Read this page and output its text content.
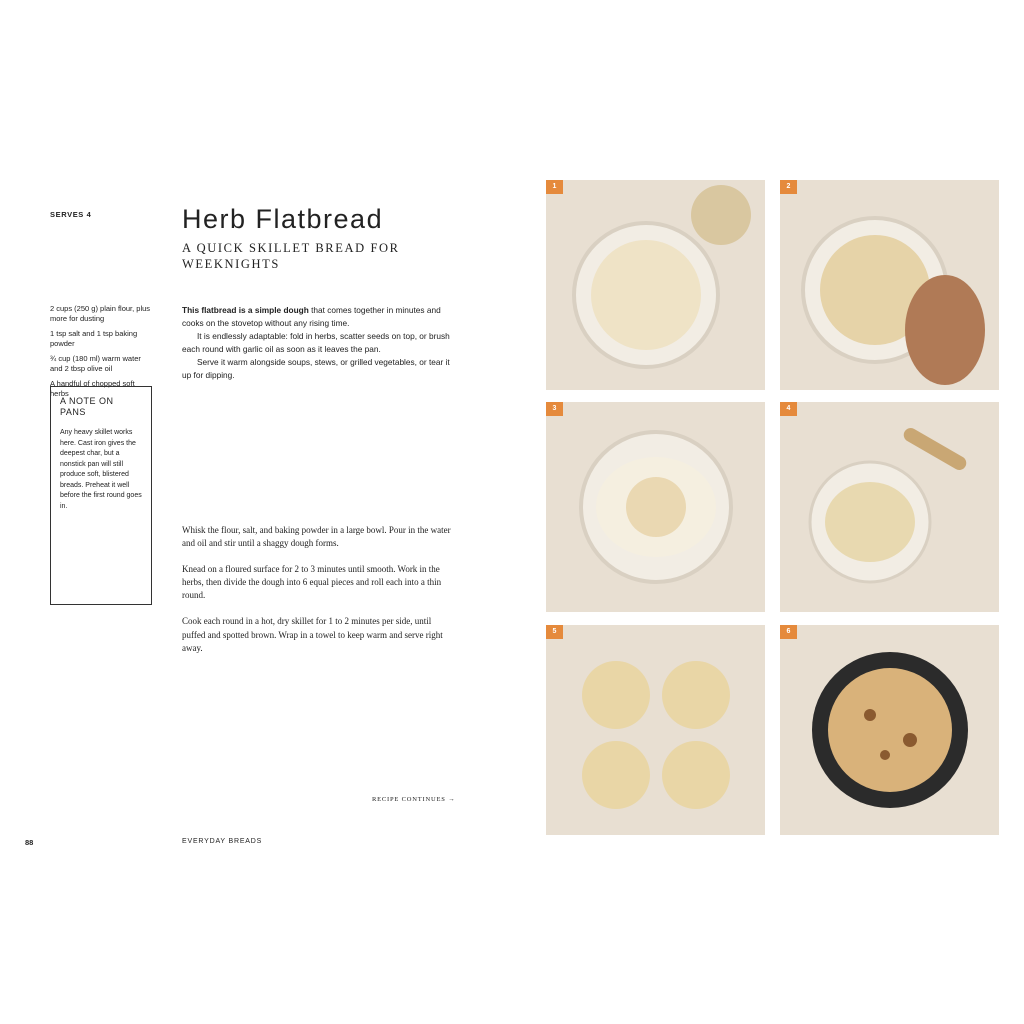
SERVES 4	Herb Flatbread
A QUICK SKILLET BREAD FOR WEEKNIGHTS

2 cups (250 g) plain flour, plus more for dusting

1 tsp salt and 1 tsp baking powder

¾ cup (180 ml) warm water and 2 tbsp olive oil

A handful of chopped soft herbs

A NOTE ON PANS

Any heavy skillet works here. Cast iron gives the deepest char, but a nonstick pan will still produce soft, blistered breads. Preheat it well before the first round goes in.

This flatbread is a simple dough that comes together in minutes and cooks on the stovetop without any rising time.

It is endlessly adaptable: fold in herbs, scatter seeds on top, or brush each round with garlic oil as soon as it leaves the pan.

Serve it warm alongside soups, stews, or grilled vegetables, or tear it up for dipping.

Whisk the flour, salt, and baking powder in a large bowl. Pour in the water and oil and stir until a shaggy dough forms.

Knead on a floured surface for 2 to 3 minutes until smooth. Work in the herbs, then divide the dough into 6 equal pieces and roll each into a thin round.

Cook each round in a hot, dry skillet for 1 to 2 minutes per side, until puffed and spotted brown. Wrap in a towel to keep warm and serve right away.

RECIPE CONTINUES →
88	EVERYDAY BREADS

1	2

3	4

5	6
